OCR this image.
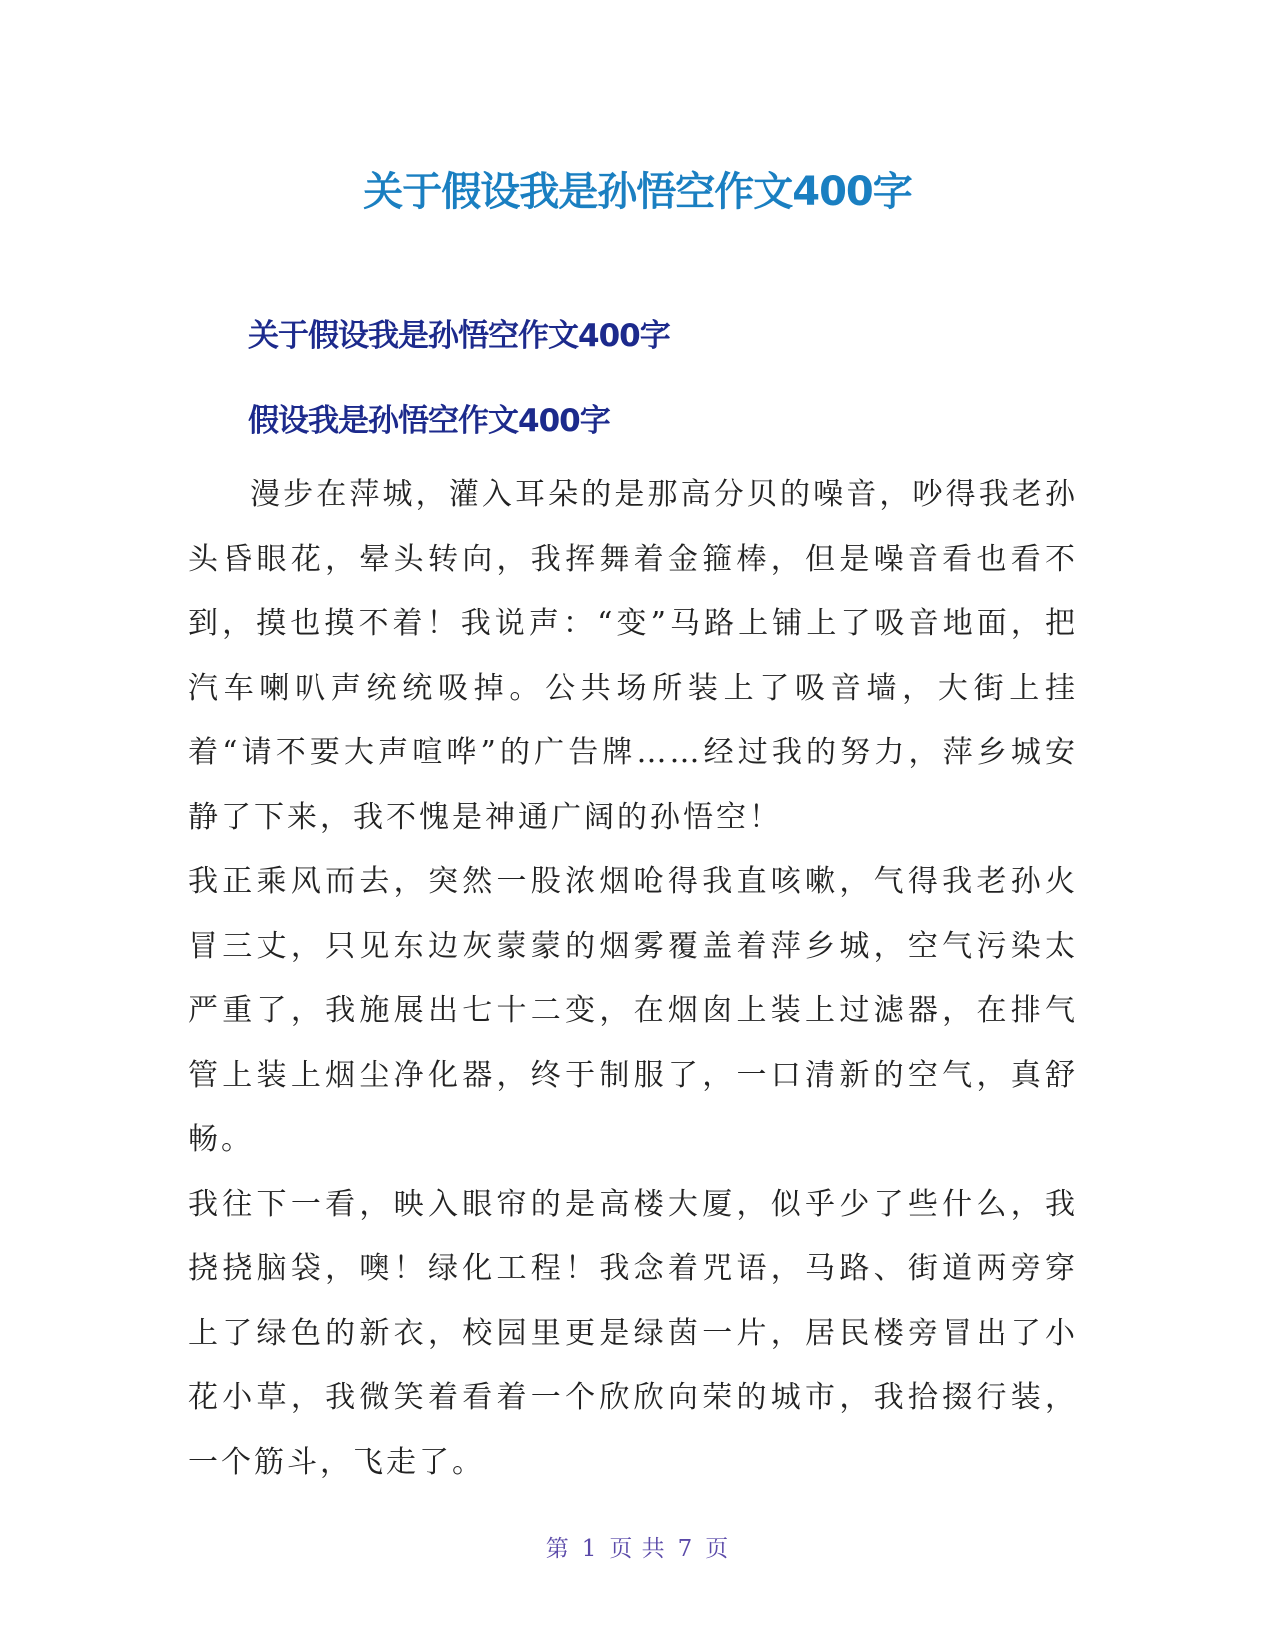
关于假设我是孙悟空作文400字
关于假设我是孙悟空作文400字
假设我是孙悟空作文400字

漫步在萍城，灌入耳朵的是那高分贝的噪音，吵得我老孙头昏眼花，晕头转向，我挥舞着金箍棒，但是噪音看也看不到，摸也摸不着！我说声：“变”马路上铺上了吸音地面，把汽车喇叭声统统吸掉。公共场所装上了吸音墙，大街上挂着“请不要大声喧哗”的广告牌……经过我的努力，萍乡城安静了下来，我不愧是神通广阔的孙悟空！

我正乘风而去，突然一股浓烟呛得我直咳嗽，气得我老孙火冒三丈，只见东边灰蒙蒙的烟雾覆盖着萍乡城，空气污染太严重了，我施展出七十二变，在烟囱上装上过滤器，在排气管上装上烟尘净化器，终于制服了，一口清新的空气，真舒畅。

我往下一看，映入眼帘的是高楼大厦，似乎少了些什么，我挠挠脑袋，噢！绿化工程！我念着咒语，马路、街道两旁穿上了绿色的新衣，校园里更是绿茵一片，居民楼旁冒出了小花小草，我微笑着看着一个欣欣向荣的城市，我拾掇行装，一个筋斗，飞走了。

第 1 页 共 7 页
